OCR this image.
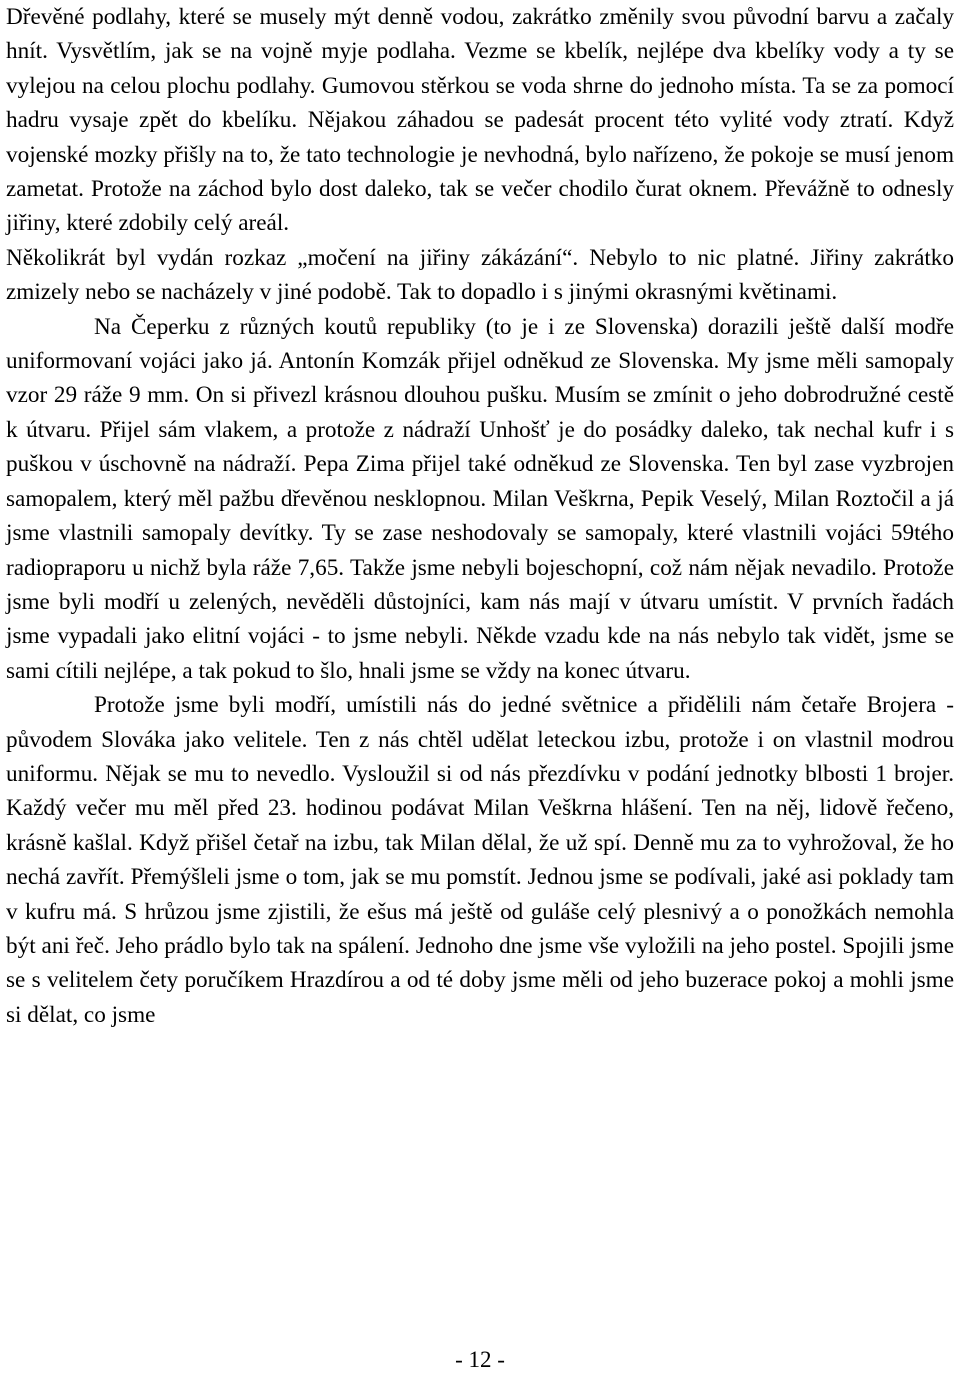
Dřevěné podlahy, které se musely mýt denně vodou, zakrátko změnily svou původní barvu a začaly hnít. Vysvětlím, jak se na vojně myje podlaha. Vezme se kbelík, nejlépe dva kbelíky vody a ty se vylejou na celou plochu podlahy. Gumovou stěrkou se voda shrne do jednoho místa. Ta se za pomocí hadru vysaje zpět do kbelíku. Nějakou záhadou se padesát procent této vylité vody ztratí. Když vojenské mozky přišly na to, že tato technologie je nevhodná, bylo nařízeno, že pokoje se musí jenom zametat. Protože na záchod bylo dost daleko, tak se večer chodilo čurat oknem. Převážně to odnesly jiřiny, které zdobily celý areál.

Několikrát byl vydán rozkaz „močení na jiřiny zákázání“. Nebylo to nic platné. Jiřiny zakrátko zmizely nebo se nacházely v jiné podobě. Tak to dopadlo i s jinými okrasnými květinami.

Na Čeperku z různých koutů republiky (to je i ze Slovenska) dorazili ještě další modře uniformovaní vojáci jako já. Antonín Komzák přijel odněkud ze Slovenska. My jsme měli samopaly vzor 29 ráže 9 mm. On si přivezl krásnou dlouhou pušku. Musím se zmínit o jeho dobrodružné cestě k útvaru. Přijel sám vlakem, a protože z nádraží Unhošť je do posádky daleko, tak nechal kufr i s puškou v úschovně na nádraží. Pepa Zima přijel také odněkud ze Slovenska. Ten byl zase vyzbrojen samopalem, který měl pažbu dřevěnou nesklopnou. Milan Veškrna, Pepik Veselý, Milan Roztočil a já jsme vlastnili samopaly devítky. Ty se zase neshodovaly se samopaly, které vlastnili vojáci 59tého radiopraporu u nichž byla ráže 7,65. Takže jsme nebyli bojeschopní, což nám nějak nevadilo. Protože jsme byli modří u zelených, nevěděli důstojníci, kam nás mají v útvaru umístit. V prvních řadách jsme vypadali jako elitní vojáci - to jsme nebyli. Někde vzadu kde na nás nebylo tak vidět, jsme se sami cítili nejlépe, a tak pokud to šlo, hnali jsme se vždy na konec útvaru.

Protože jsme byli modří, umístili nás do jedné světnice a přidělili nám četaře Brojera -původem Slováka jako velitele. Ten z nás chtěl udělat leteckou izbu, protože i on vlastnil modrou uniformu. Nějak se mu to nevedlo. Vysloužil si od nás přezdívku v podání jednotky blbosti 1 brojer. Každý večer mu měl před 23. hodinou podávat Milan Veškrna hlášení. Ten na něj, lidově řečeno, krásně kašlal. Když přišel četař na izbu, tak Milan dělal, že už spí. Denně mu za to vyhrožoval, že ho nechá zavřít. Přemýšleli jsme o tom, jak se mu pomstít. Jednou jsme se podívali, jaké asi poklady tam v kufru má. S hrůzou jsme zjistili, že ešus má ještě od guláše celý plesnivý a o ponožkách nemohla být ani řeč. Jeho prádlo bylo tak na spálení. Jednoho dne jsme vše vyložili na jeho postel. Spojili jsme se s velitelem čety poručíkem Hrazdírou a od té doby jsme měli od jeho buzerace pokoj a mohli jsme si dělat, co jsme

- 12 -
